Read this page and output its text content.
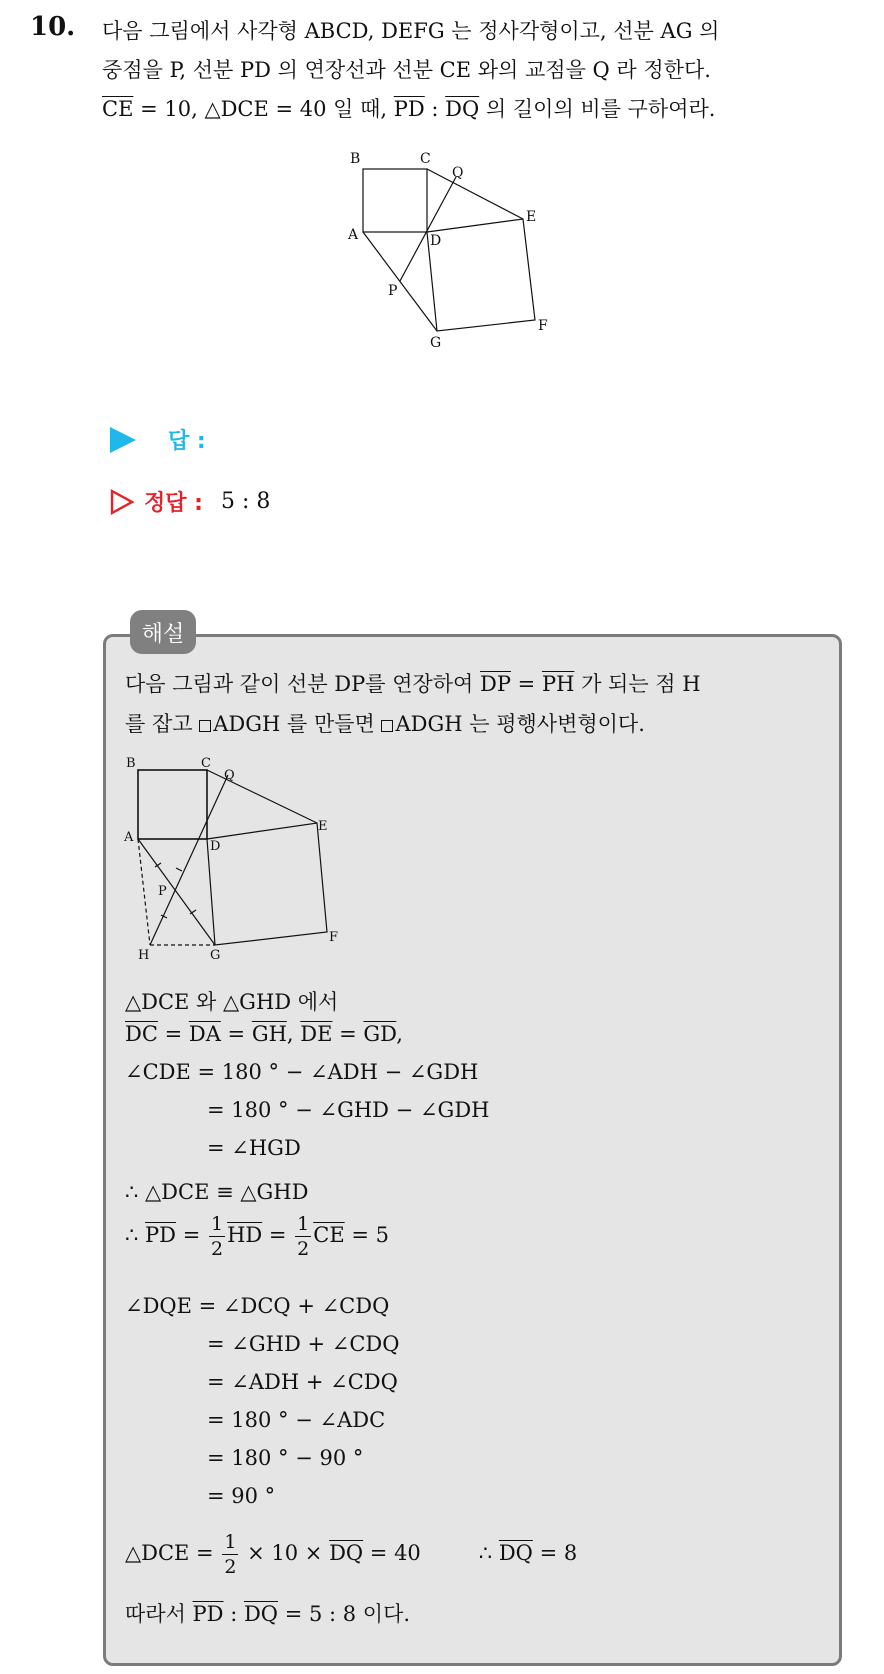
10. 다음 그림에서 사각형 ABCD, DEFG 는 정사각형이고, 선분 AG 의
중점을 P, 선분 PD 의 연장선과 선분 CE 와의 교점을 Q 라 정한다.
$\overline{CE} = 10$, △DCE = 40 일 때, $\overline{PD}$ : $\overline{DQ}$ 의 길이의 비를 구하여라.
B	C
Q
E
A	D
P
G
F
답 :
정답 : 5 : 8
해설
다음 그림과 같이 선분 DP를 연장하여 $\overline{DP} = \overline{PH}$ 가 되는 점 H
를 잡고 ADGH 를 만들면 ADGH 는 평행사변형이다.
B	C
Q
E
A
D
P
F
H	G
△DCE 와 △GHD 에서
$\overline{DC} = \overline{DA} = \overline{GH}$, $\overline{DE} = \overline{GD}$,
∠CDE = 180 ° − ∠ADH − ∠GDH
= 180 ° − ∠GHD − ∠GDH
= ∠HGD
∴ △DCE ≡ △GHD
∴ $\overline{PD} = \frac{1}{2} \overline{HD} = \frac{1}{2} \overline{CE} = 5$
∠DQE = ∠DCQ + ∠CDQ
= ∠GHD + ∠CDQ
= ∠ADH + ∠CDQ
= 180 ° − ∠ADC
= 180 ° − 90 °
= 90 °
△DCE = $\frac{1}{2} \times 10 \times \overline{DQ} = 40$	∴ $\overline{DQ} = 8$
따라서 $\overline{PD}$ : $\overline{DQ} = 5$ : 8 이다.
